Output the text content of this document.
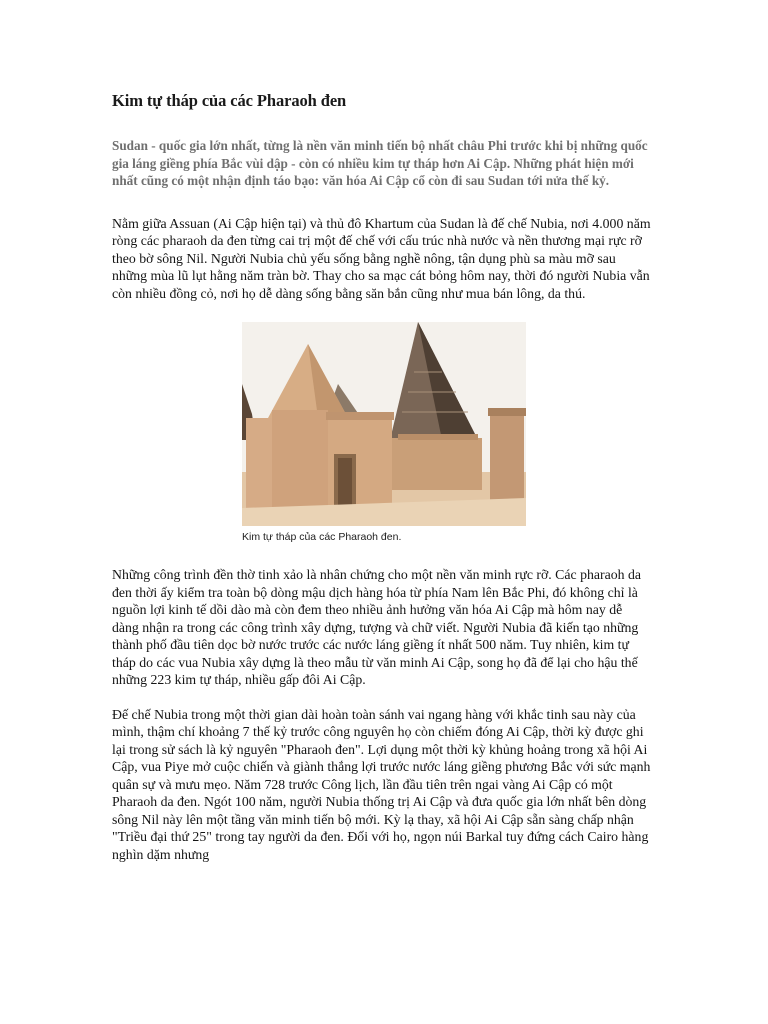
Kim tự tháp của các Pharaoh đen

Sudan - quốc gia lớn nhất, từng là nền văn minh tiến bộ nhất châu Phi trước khi bị những quốc gia láng giềng phía Bắc vùi dập - còn có nhiều kim tự tháp hơn Ai Cập. Những phát hiện mới nhất cũng có một nhận định táo bạo: văn hóa Ai Cập cổ còn đi sau Sudan tới nửa thế kỷ.

Nằm giữa Assuan (Ai Cập hiện tại) và thủ đô Khartum của Sudan là đế chế Nubia, nơi 4.000 năm ròng các pharaoh da đen từng cai trị một đế chế với cấu trúc nhà nước và nền thương mại rực rỡ theo bờ sông Nil. Người Nubia chủ yếu sống bằng nghề nông, tận dụng phù sa màu mỡ sau những mùa lũ lụt hằng năm tràn bờ. Thay cho sa mạc cát bỏng hôm nay, thời đó người Nubia vẫn còn nhiều đồng cỏ, nơi họ dễ dàng sống bằng săn bắn cũng như mua bán lông, da thú.

Kim tự tháp của các Pharaoh đen.

Những công trình đền thờ tinh xảo là nhân chứng cho một nền văn minh rực rỡ. Các pharaoh da đen thời ấy kiểm tra toàn bộ dòng mậu dịch hàng hóa từ phía Nam lên Bắc Phi, đó không chỉ là nguồn lợi kinh tế dồi dào mà còn đem theo nhiều ảnh hưởng văn hóa Ai Cập mà hôm nay dễ dàng nhận ra trong các công trình xây dựng, tượng và chữ viết. Người Nubia đã kiến tạo những thành phố đầu tiên dọc bờ nước trước các nước láng giềng ít nhất 500 năm. Tuy nhiên, kim tự tháp do các vua Nubia xây dựng là theo mẫu từ văn minh Ai Cập, song họ đã để lại cho hậu thế những 223 kim tự tháp, nhiều gấp đôi Ai Cập.

Đế chế Nubia trong một thời gian dài hoàn toàn sánh vai ngang hàng với khắc tinh sau này của mình, thậm chí khoảng 7 thế kỷ trước công nguyên họ còn chiếm đóng Ai Cập, thời kỳ được ghi lại trong sử sách là kỷ nguyên "Pharaoh đen". Lợi dụng một thời kỳ khủng hoảng trong xã hội Ai Cập, vua Piye mở cuộc chiến và giành thắng lợi trước nước láng giềng phương Bắc với sức mạnh quân sự và mưu mẹo. Năm 728 trước Công lịch, lần đầu tiên trên ngai vàng Ai Cập có một Pharaoh da đen. Ngót 100 năm, người Nubia thống trị Ai Cập và đưa quốc gia lớn nhất bên dòng sông Nil này lên một tầng văn minh tiến bộ mới. Kỳ lạ thay, xã hội Ai Cập sẵn sàng chấp nhận "Triều đại thứ 25" trong tay người da đen. Đối với họ, ngọn núi Barkal tuy đứng cách Cairo hàng nghìn dặm nhưng
